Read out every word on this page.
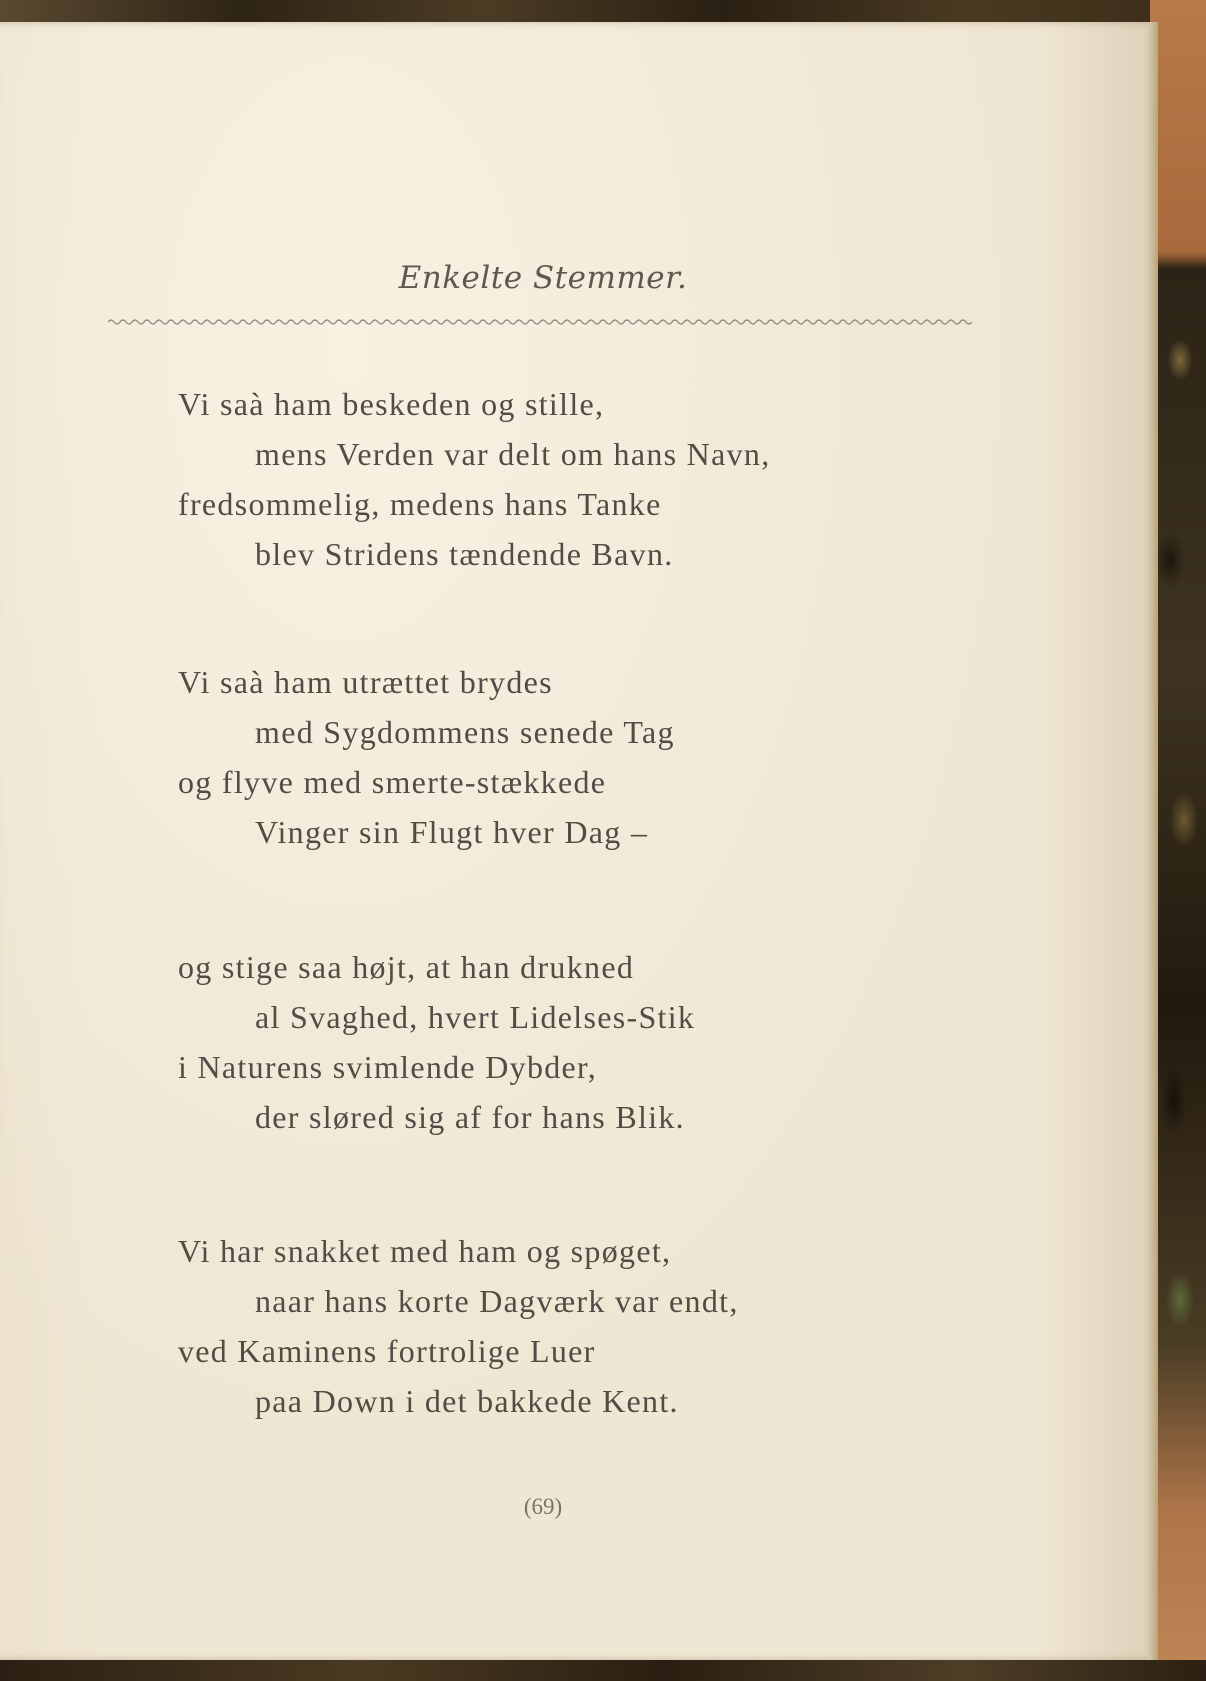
Enkelte Stemmer.
Vi saà ham beskeden og stille,
mens Verden var delt om hans Navn,
fredsommelig, medens hans Tanke
blev Stridens tændende Bavn.
Vi saà ham utrættet brydes
med Sygdommens senede Tag
og flyve med smerte-stækkede
Vinger sin Flugt hver Dag –
og stige saa højt, at han drukned
al Svaghed, hvert Lidelses-Stik
i Naturens svimlende Dybder,
der sløred sig af for hans Blik.
Vi har snakket med ham og spøget,
naar hans korte Dagværk var endt,
ved Kaminens fortrolige Luer
paa Down i det bakkede Kent.
(69)
